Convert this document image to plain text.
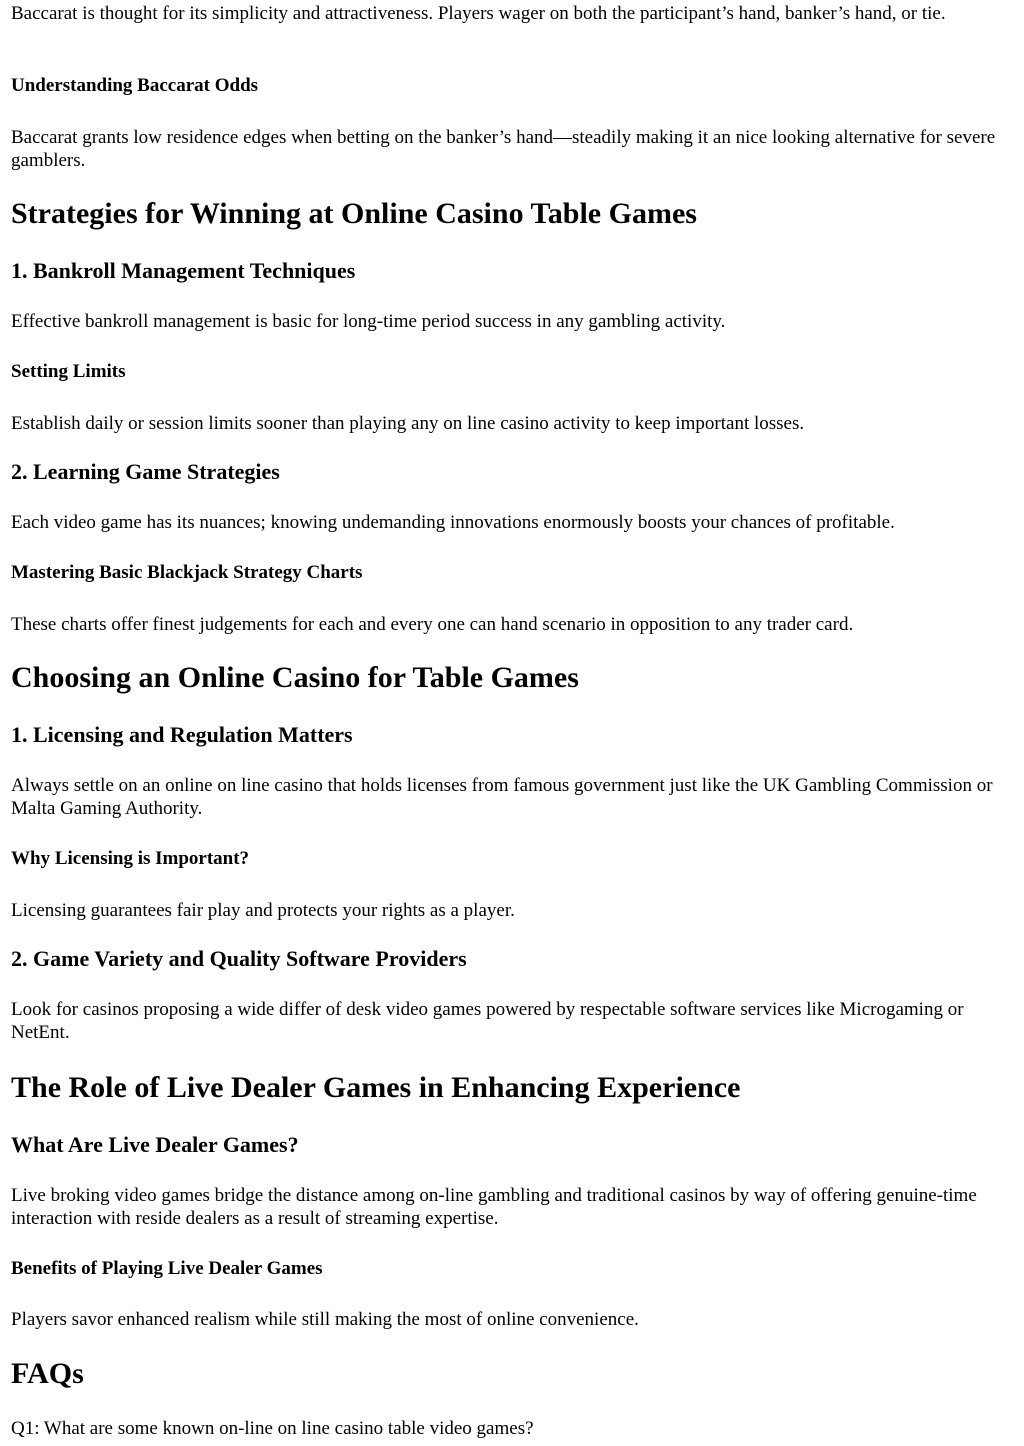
Baccarat is thought for its simplicity and attractiveness. Players wager on both the participant’s hand, banker’s hand, or tie.

Understanding Baccarat Odds

Baccarat grants low residence edges when betting on the banker’s hand—steadily making it an nice looking alternative for severe gamblers.

Strategies for Winning at Online Casino Table Games
1. Bankroll Management Techniques

Effective bankroll management is basic for long-time period success in any gambling activity.

Setting Limits

Establish daily or session limits sooner than playing any on line casino activity to keep important losses.

2. Learning Game Strategies

Each video game has its nuances; knowing undemanding innovations enormously boosts your chances of profitable.

Mastering Basic Blackjack Strategy Charts

These charts offer finest judgements for each and every one can hand scenario in opposition to any trader card.

Choosing an Online Casino for Table Games
1. Licensing and Regulation Matters

Always settle on an online on line casino that holds licenses from famous government just like the UK Gambling Commission or Malta Gaming Authority.

Why Licensing is Important?

Licensing guarantees fair play and protects your rights as a player.

2. Game Variety and Quality Software Providers

Look for casinos proposing a wide differ of desk video games powered by respectable software services like Microgaming or NetEnt.

The Role of Live Dealer Games in Enhancing Experience
What Are Live Dealer Games?

Live broking video games bridge the distance among on-line gambling and traditional casinos by way of offering genuine-time interaction with reside dealers as a result of streaming expertise.

Benefits of Playing Live Dealer Games

Players savor enhanced realism while still making the most of online convenience.

FAQs

Q1: What are some known on-line on line casino table video games?
